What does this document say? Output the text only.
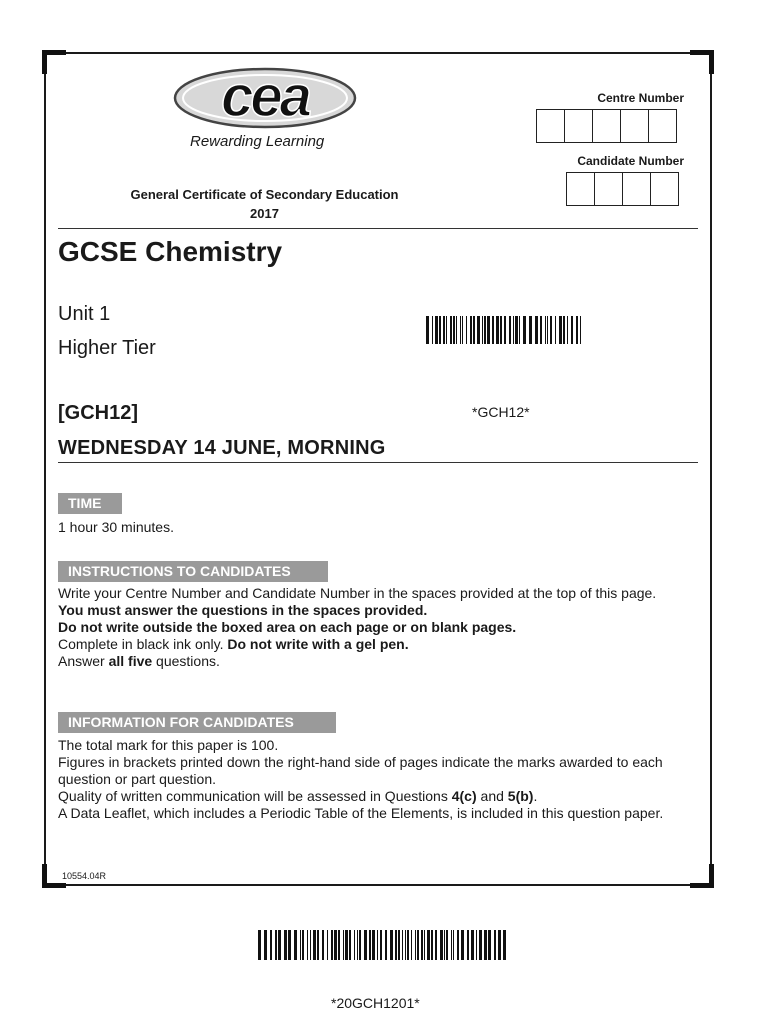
cea
Rewarding Learning
General Certificate of Secondary Education
2017
Centre Number
Candidate Number
GCSE Chemistry
Unit 1
Higher Tier
[GCH12]
WEDNESDAY 14 JUNE, MORNING
*GCH12*
TIME
1 hour 30 minutes.
INSTRUCTIONS TO CANDIDATES

Write your Centre Number and Candidate Number in the spaces provided at the top of this page.

You must answer the questions in the spaces provided.

Do not write outside the boxed area on each page or on blank pages.

Complete in black ink only. Do not write with a gel pen.

Answer all five questions.

INFORMATION FOR CANDIDATES

The total mark for this paper is 100.

Figures in brackets printed down the right-hand side of pages indicate the marks awarded to each question or part question.

Quality of written communication will be assessed in Questions 4(c) and 5(b).

A Data Leaflet, which includes a Periodic Table of the Elements, is included in this question paper.

10554.04R
*20GCH1201*
